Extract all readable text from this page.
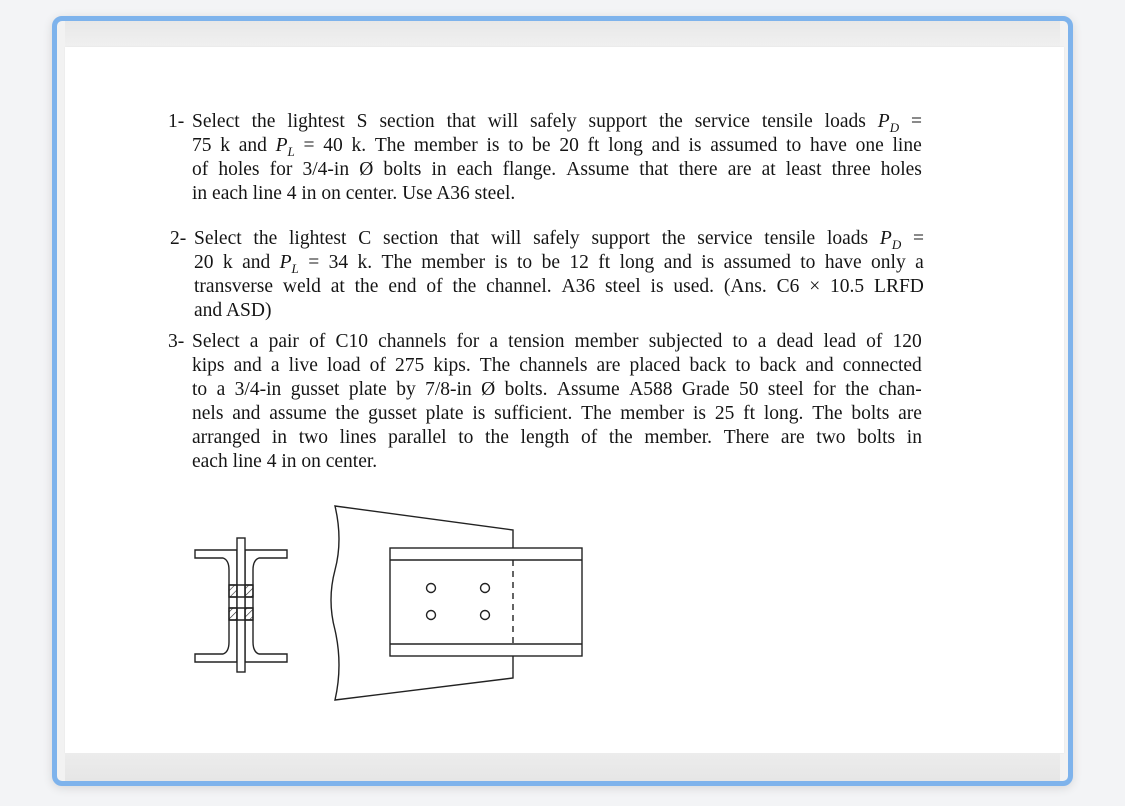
1- Select the lightest S section that will safely support the service tensile loads $P_D$ =
75 k and $P_L = 40$ k. The member is to be 20 ft long and is assumed to have one line
of holes for 3/4-in Ø bolts in each flange. Assume that there are at least three holes
in each line 4 in on center. Use A36 steel.
2- Select the lightest C section that will safely support the service tensile loads $P_D$ =
20 k and $P_L = 34$ k. The member is to be 12 ft long and is assumed to have only a
transverse weld at the end of the channel. A36 steel is used. (Ans. C6 × 10.5 LRFD
and ASD)
3- Select a pair of C10 channels for a tension member subjected to a dead lead of 120
kips and a live load of 275 kips. The channels are placed back to back and connected
to a 3/4-in gusset plate by 7/8-in Ø bolts. Assume A588 Grade 50 steel for the chan-
nels and assume the gusset plate is sufficient. The member is 25 ft long. The bolts are
arranged in two lines parallel to the length of the member. There are two bolts in
each line 4 in on center.
